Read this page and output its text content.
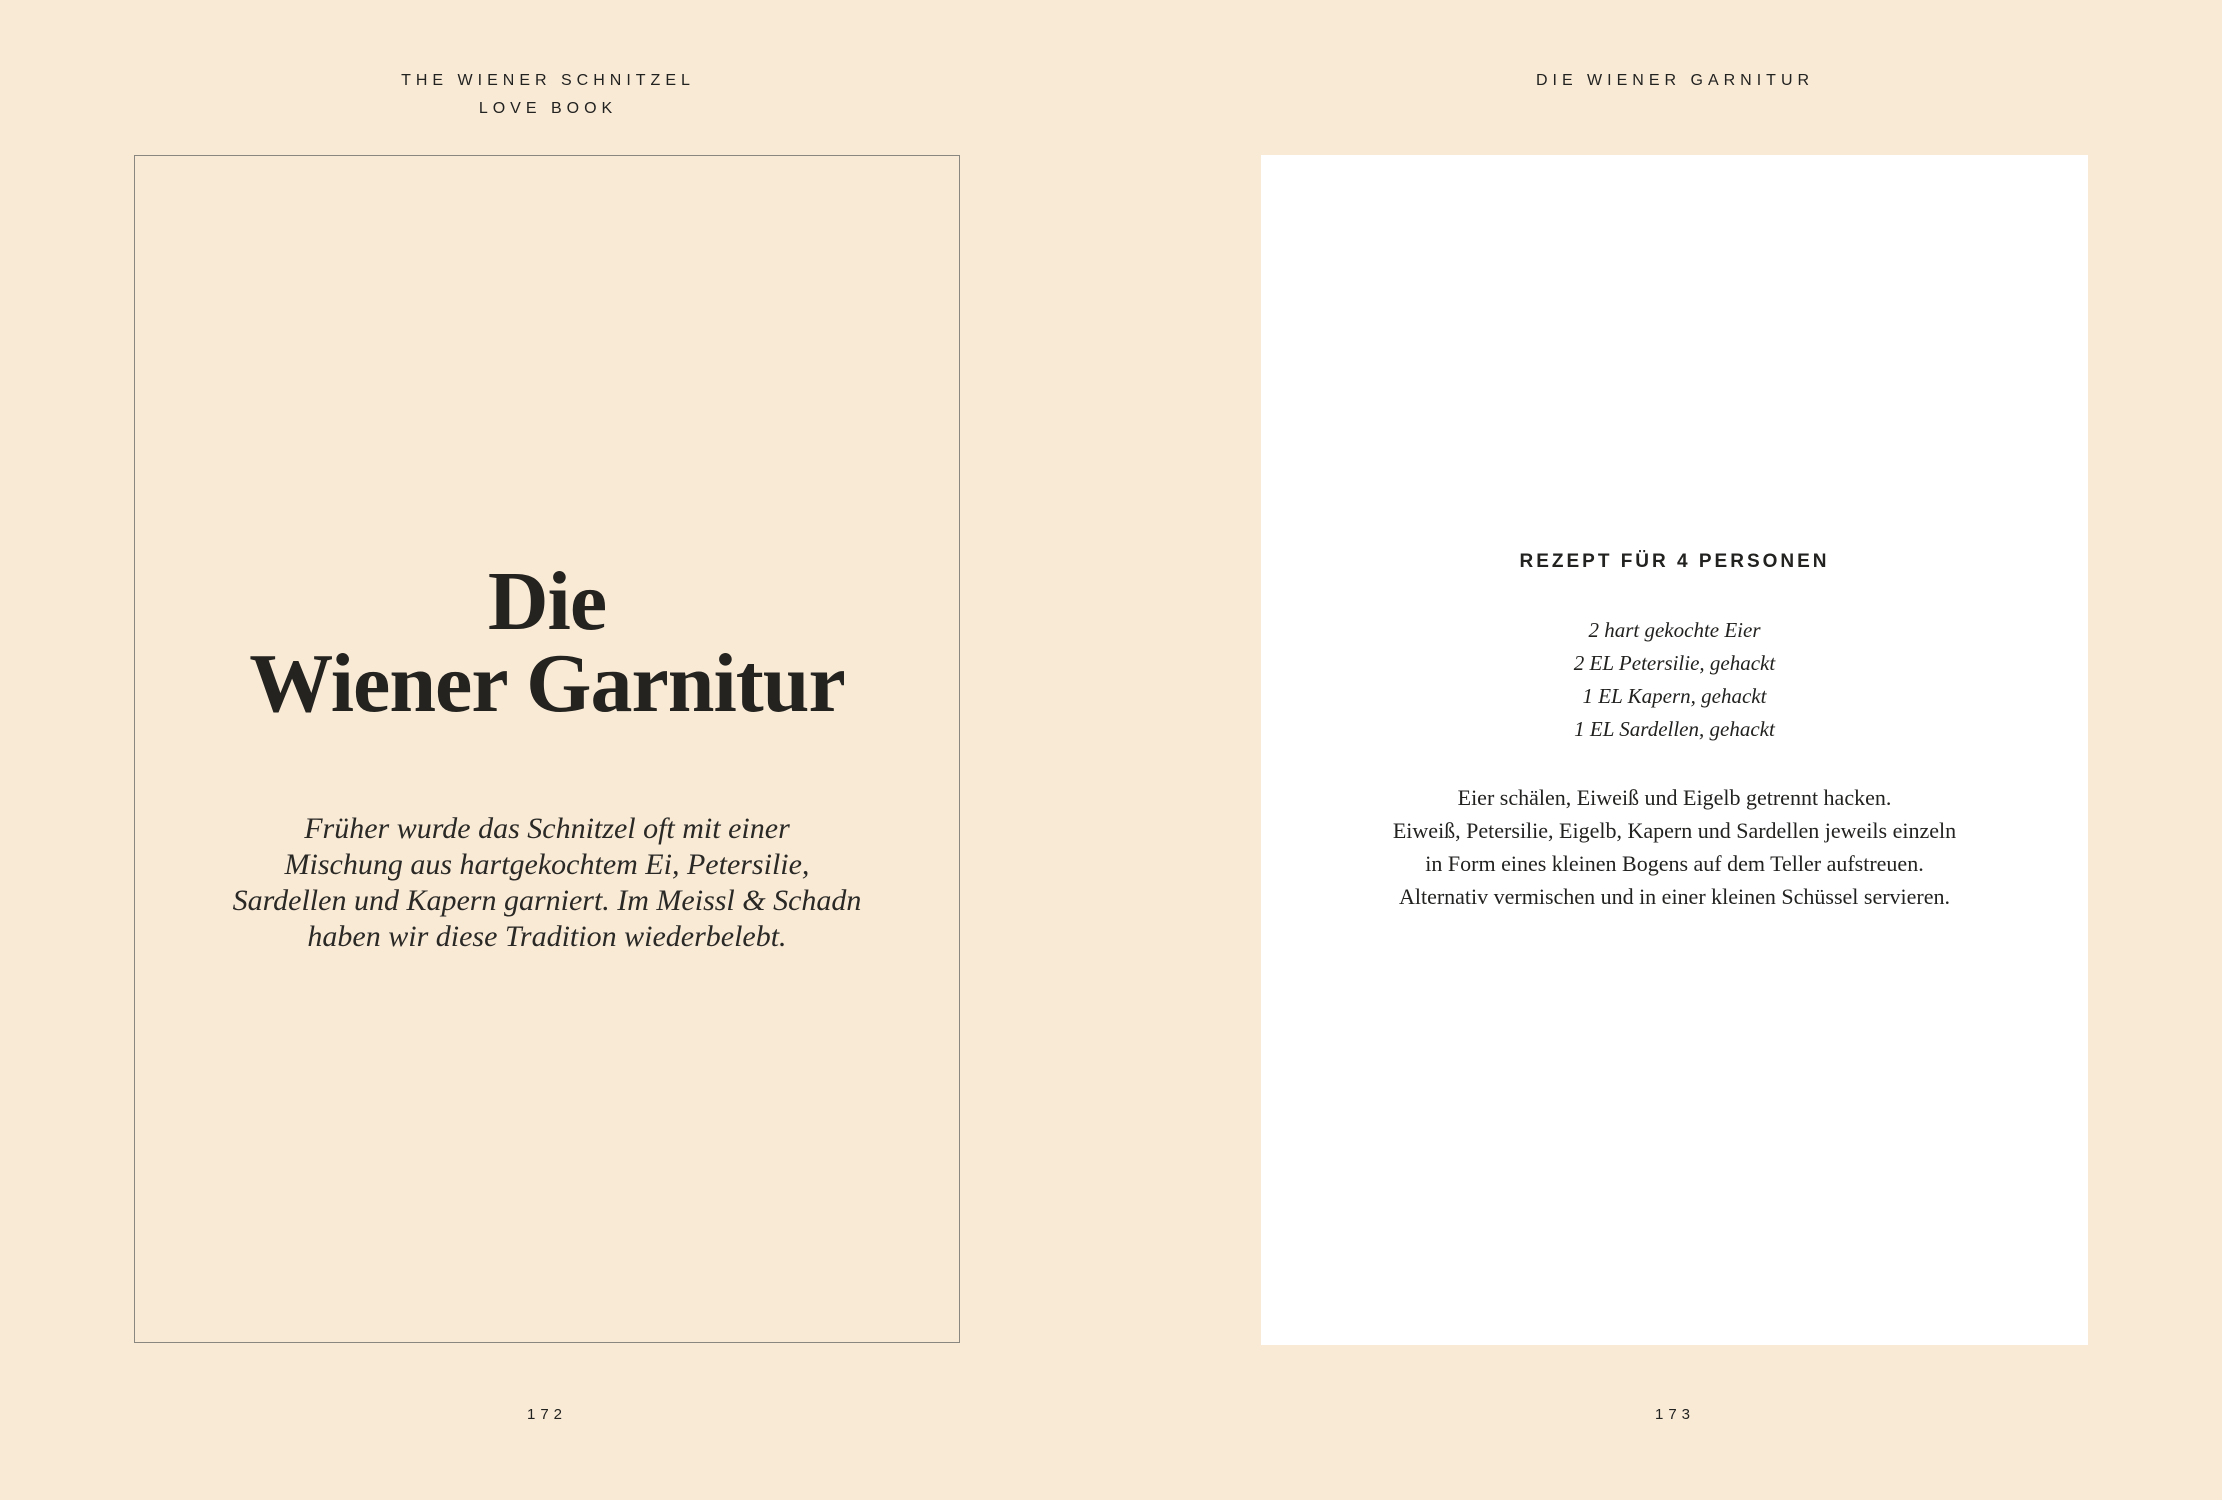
THE WIENER SCHNITZEL
LOVE BOOK
Die
Wiener Garnitur
Früher wurde das Schnitzel oft mit einer
Mischung aus hartgekochtem Ei, Petersilie,
Sardellen und Kapern garniert. Im Meissl & Schadn
haben wir diese Tradition wiederbelebt.
172
DIE WIENER GARNITUR
REZEPT FÜR 4 PERSONEN
2 hart gekochte Eier
2 EL Petersilie, gehackt
1 EL Kapern, gehackt
1 EL Sardellen, gehackt
Eier schälen, Eiweiß und Eigelb getrennt hacken.
Eiweiß, Petersilie, Eigelb, Kapern und Sardellen jeweils einzeln
in Form eines kleinen Bogens auf dem Teller aufstreuen.
Alternativ vermischen und in einer kleinen Schüssel servieren.
173
